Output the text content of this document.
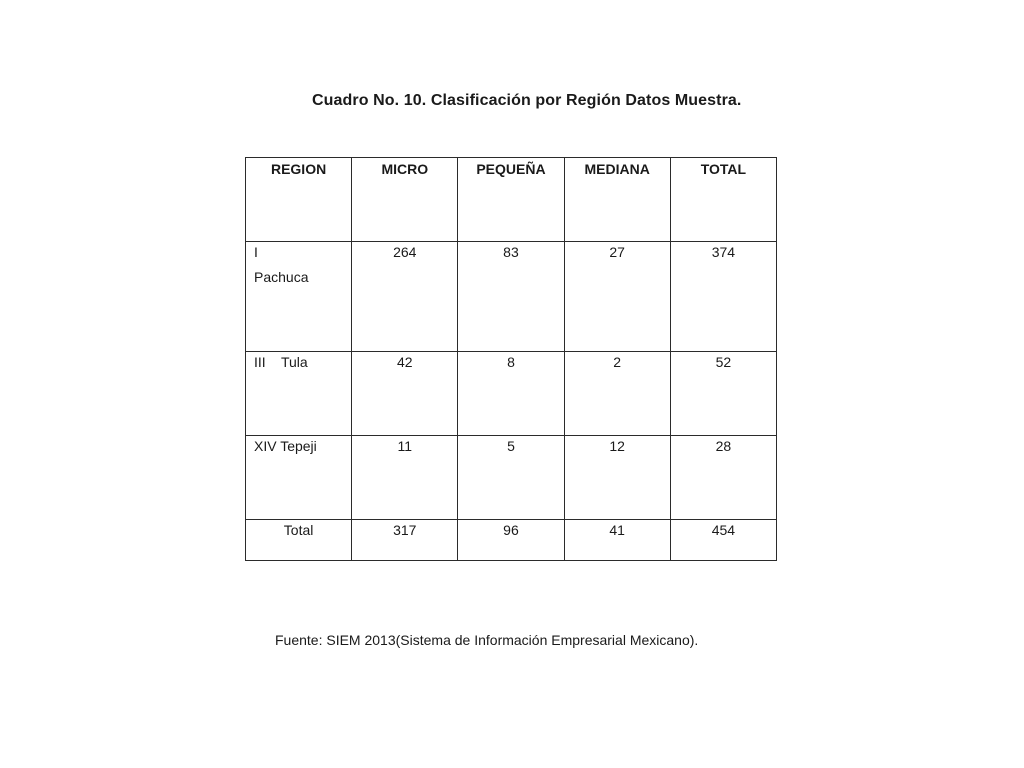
Cuadro No. 10. Clasificación por Región Datos Muestra.
REGION	MICRO	PEQUEÑA	MEDIANA	TOTAL
I
Pachuca	264	83	27	374
III    Tula	42	8	2	52
XIV Tepeji	11	5	12	28
Total	317	96	41	454
Fuente: SIEM 2013(Sistema de Información Empresarial Mexicano).
